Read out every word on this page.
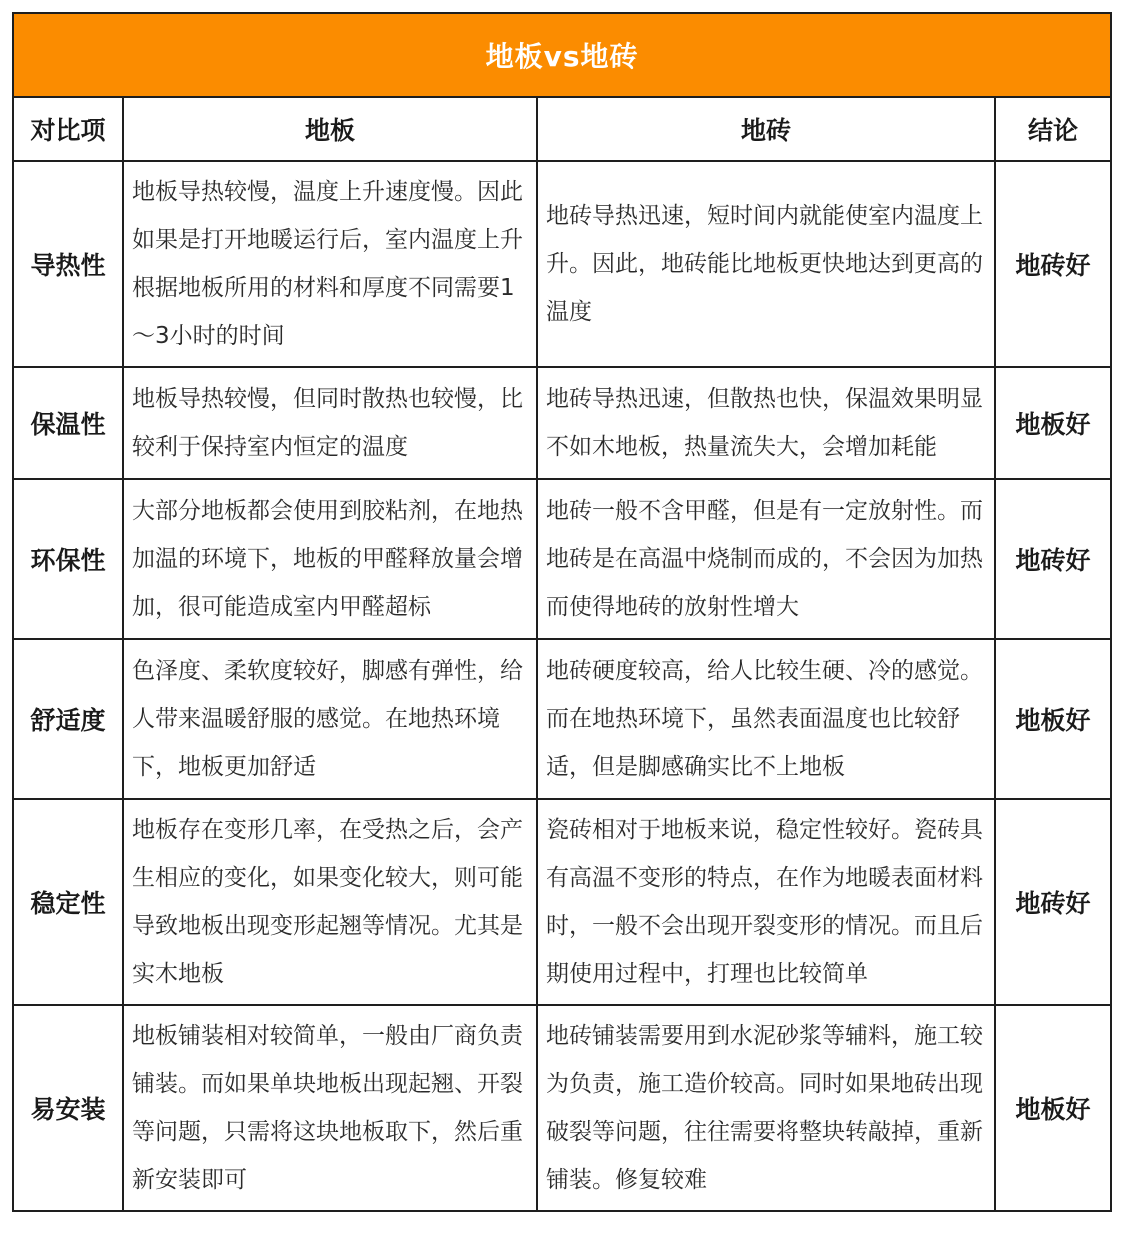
地板vs地砖			
对比项	地板	地砖	结论
导热性	地板导热较慢，温度上升速度慢。因此如果是打开地暖运行后，室内温度上升根据地板所用的材料和厚度不同需要1～3小时的时间	地砖导热迅速，短时间内就能使室内温度上升。因此，地砖能比地板更快地达到更高的温度	地砖好
保温性	地板导热较慢，但同时散热也较慢，比较利于保持室内恒定的温度	地砖导热迅速，但散热也快，保温效果明显不如木地板，热量流失大，会增加耗能	地板好
环保性	大部分地板都会使用到胶粘剂，在地热加温的环境下，地板的甲醛释放量会增加，很可能造成室内甲醛超标	地砖一般不含甲醛，但是有一定放射性。而地砖是在高温中烧制而成的，不会因为加热而使得地砖的放射性增大	地砖好
舒适度	色泽度、柔软度较好，脚感有弹性，给人带来温暖舒服的感觉。在地热环境下，地板更加舒适	地砖硬度较高，给人比较生硬、冷的感觉。而在地热环境下，虽然表面温度也比较舒适，但是脚感确实比不上地板	地板好
稳定性	地板存在变形几率，在受热之后，会产生相应的变化，如果变化较大，则可能导致地板出现变形起翘等情况。尤其是实木地板	瓷砖相对于地板来说，稳定性较好。瓷砖具有高温不变形的特点，在作为地暖表面材料时，一般不会出现开裂变形的情况。而且后期使用过程中，打理也比较简单	地砖好
易安装	地板铺装相对较简单，一般由厂商负责铺装。而如果单块地板出现起翘、开裂等问题，只需将这块地板取下，然后重新安装即可	地砖铺装需要用到水泥砂浆等辅料，施工较为负责，施工造价较高。同时如果地砖出现破裂等问题，往往需要将整块转敲掉，重新铺装。修复较难	地板好
